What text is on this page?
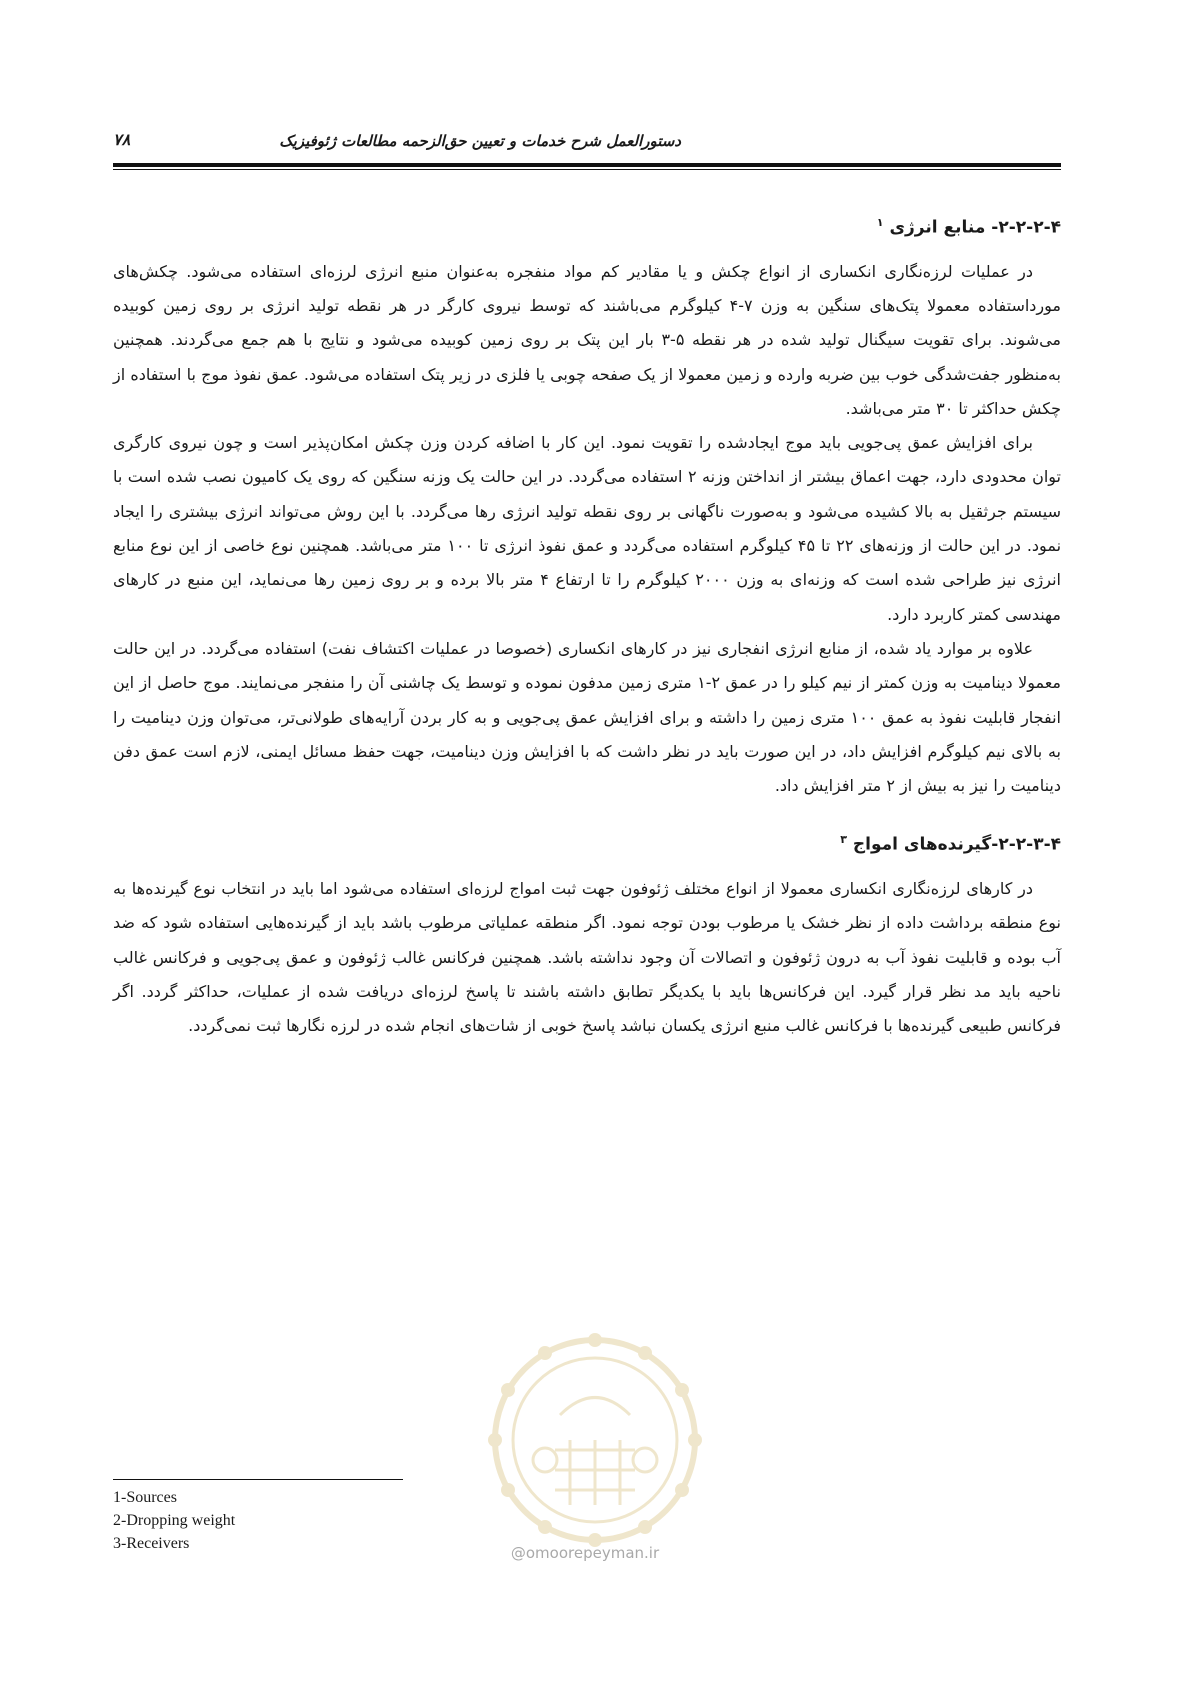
دستورالعمل شرح خدمات و تعیین حق‌الزحمه مطالعات ژئوفیزیک
۷۸
۲-۲-۲-۴- منابع انرژی $^۱$

در عملیات لرزه‌نگاری انکساری از انواع چکش و یا مقادیر کم مواد منفجره به‌عنوان منبع انرژی لرزه‌ای استفاده می‌شود. چکش‌های مورداستفاده معمولا پتک‌های سنگین به وزن ۷-۴ کیلوگرم می‌باشند که توسط نیروی کارگر در هر نقطه تولید انرژی بر روی زمین کوبیده می‌شوند. برای تقویت سیگنال تولید شده در هر نقطه ۵-۳ بار این پتک بر روی زمین کوبیده می‌شود و نتایج با هم جمع می‌گردند. همچنین به‌منظور جفت‌شدگی خوب بین ضربه وارده و زمین معمولا از یک صفحه چوبی یا فلزی در زیر پتک استفاده می‌شود. عمق نفوذ موج با استفاده از چکش حداکثر تا ۳۰ متر می‌باشد.

برای افزایش عمق پی‌جویی باید موج ایجادشده را تقویت نمود. این کار با اضافه کردن وزن چکش امکان‌پذیر است و چون نیروی کارگری توان محدودی دارد، جهت اعماق بیشتر از انداختن وزنه ۲ استفاده می‌گردد. در این حالت یک وزنه سنگین که روی یک کامیون نصب شده است با سیستم جرثقیل به بالا کشیده می‌شود و به‌صورت ناگهانی بر روی نقطه تولید انرژی رها می‌گردد. با این روش می‌تواند انرژی بیشتری را ایجاد نمود. در این حالت از وزنه‌های ۲۲ تا ۴۵ کیلوگرم استفاده می‌گردد و عمق نفوذ انرژی تا ۱۰۰ متر می‌باشد. همچنین نوع خاصی از این نوع منابع انرژی نیز طراحی شده است که وزنه‌ای به وزن ۲۰۰۰ کیلوگرم را تا ارتفاع ۴ متر بالا برده و بر روی زمین رها می‌نماید، این منبع در کارهای مهندسی کمتر کاربرد دارد.

علاوه بر موارد یاد شده، از منابع انرژی انفجاری نیز در کارهای انکساری (خصوصا در عملیات اکتشاف نفت) استفاده می‌گردد. در این حالت معمولا دینامیت به وزن کمتر از نیم کیلو را در عمق ۲-۱ متری زمین مدفون نموده و توسط یک چاشنی آن را منفجر می‌نمایند. موج حاصل از این انفجار قابلیت نفوذ به عمق ۱۰۰ متری زمین را داشته و برای افزایش عمق پی‌جویی و به کار بردن آرایه‌های طولانی‌تر، می‌توان وزن دینامیت را به بالای نیم کیلوگرم افزایش داد، در این صورت باید در نظر داشت که با افزایش وزن دینامیت، جهت حفظ مسائل ایمنی، لازم است عمق دفن دینامیت را نیز به بیش از ۲ متر افزایش داد.

۲-۲-۳-۴-گیرنده‌های امواج $^۳$

در کارهای لرزه‌نگاری انکساری معمولا از انواع مختلف ژئوفون جهت ثبت امواج لرزه‌ای استفاده می‌شود اما باید در انتخاب نوع گیرنده‌ها به نوع منطقه برداشت داده از نظر خشک یا مرطوب بودن توجه نمود. اگر منطقه عملیاتی مرطوب باشد باید از گیرنده‌هایی استفاده شود که ضد آب بوده و قابلیت نفوذ آب به درون ژئوفون و اتصالات آن وجود نداشته باشد. همچنین فرکانس غالب ژئوفون و عمق پی‌جویی و فرکانس غالب ناحیه باید مد نظر قرار گیرد. این فرکانس‌ها باید با یکدیگر تطابق داشته باشند تا پاسخ لرزه‌ای دریافت شده از عملیات، حداکثر گردد. اگر فرکانس طبیعی گیرنده‌ها با فرکانس غالب منبع انرژی یکسان نباشد پاسخ خوبی از شات‌های انجام شده در لرزه نگارها ثبت نمی‌گردد.

@omoorepeyman.ir
1-Sources
2-Dropping weight
3-Receivers
